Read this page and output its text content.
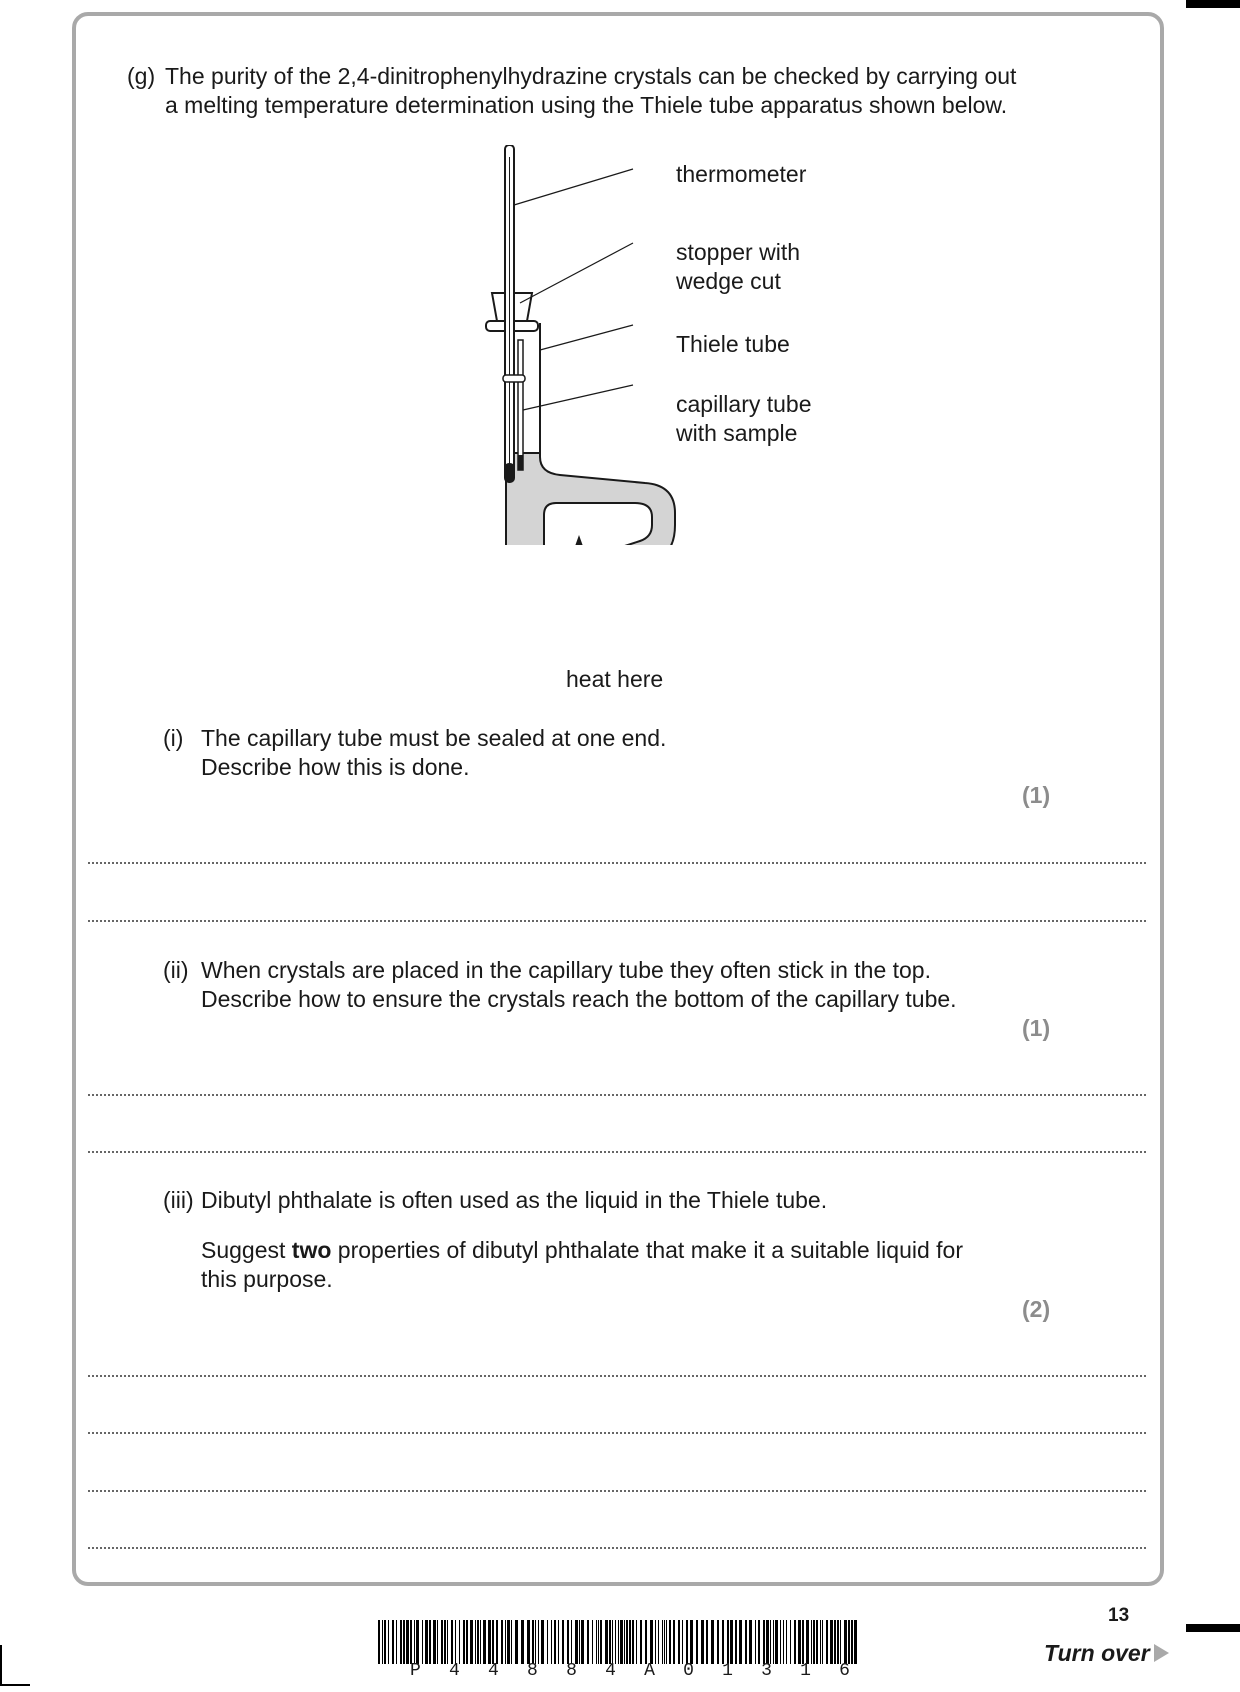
(g) The purity of the 2,4-dinitrophenylhydrazine crystals can be checked by carrying out
a melting temperature determination using the Thiele tube apparatus shown below.
thermometer
stopper with
wedge cut
Thiele tube
capillary tube
with sample
heat here
(i) The capillary tube must be sealed at one end.
Describe how this is done.
(1)
(ii) When crystals are placed in the capillary tube they often stick in the top.
Describe how to ensure the crystals reach the bottom of the capillary tube.
(1)
(iii) Dibutyl phthalate is often used as the liquid in the Thiele tube.
Suggest two properties of dibutyl phthalate that make it a suitable liquid for
this purpose.
(2)
13
Turn over
P 4 4 8 8 4 A 0 1 3 1 6
